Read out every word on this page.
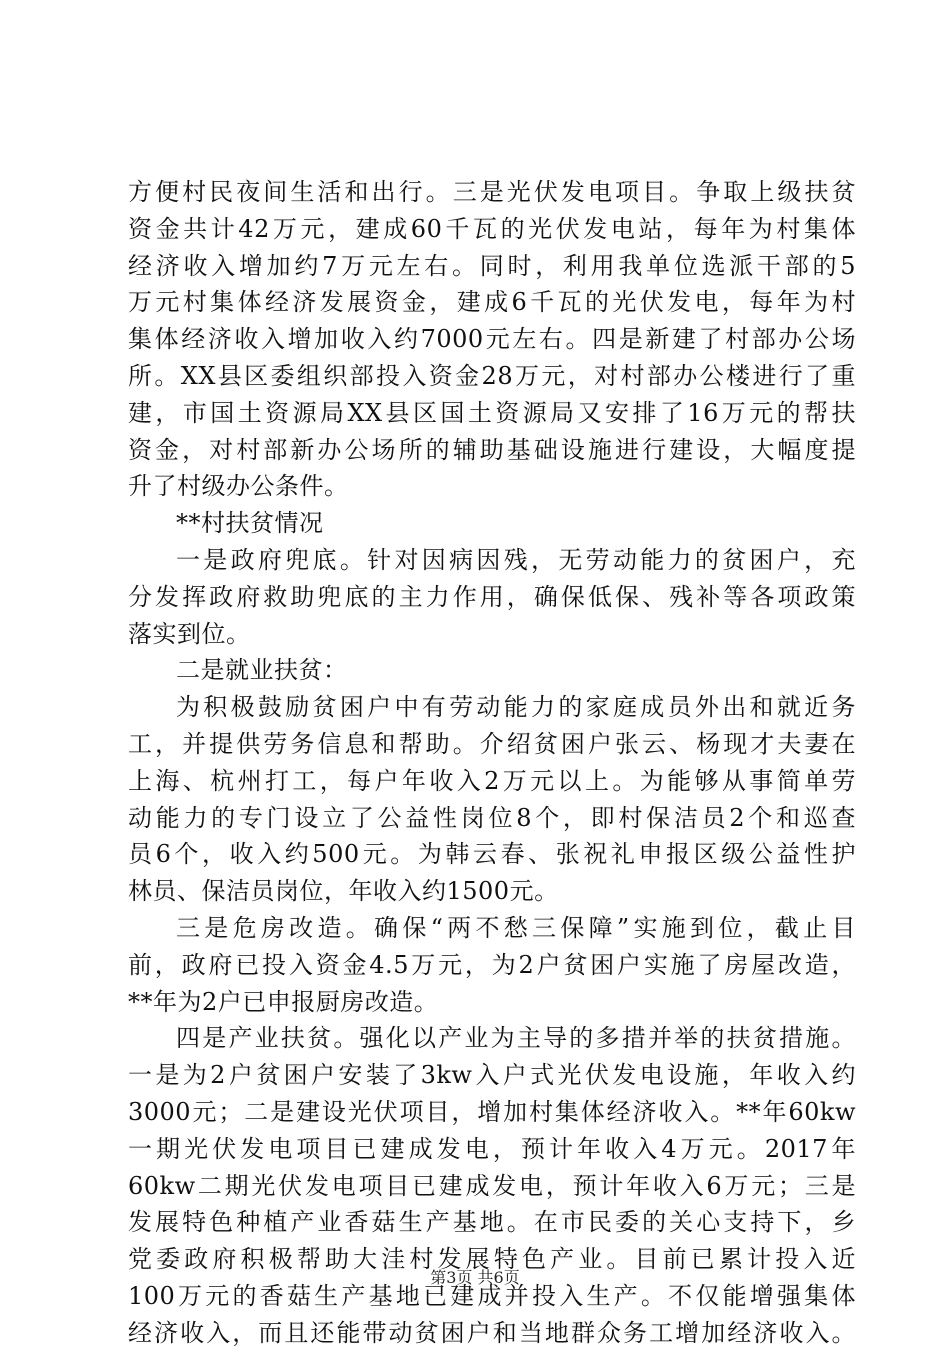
方便村民夜间生活和出行。三是光伏发电项目。争取上级扶贫
资金共计42万元，建成60千瓦的光伏发电站，每年为村集体
经济收入增加约7万元左右。同时，利用我单位选派干部的5
万元村集体经济发展资金，建成6千瓦的光伏发电，每年为村
集体经济收入增加收入约7000元左右。四是新建了村部办公场
所。XX县区委组织部投入资金28万元，对村部办公楼进行了重
建，市国土资源局XX县区国土资源局又安排了16万元的帮扶
资金，对村部新办公场所的辅助基础设施进行建设，大幅度提
升了村级办公条件。
**村扶贫情况
一是政府兜底。针对因病因残，无劳动能力的贫困户，充
分发挥政府救助兜底的主力作用，确保低保、残补等各项政策
落实到位。
二是就业扶贫：
为积极鼓励贫困户中有劳动能力的家庭成员外出和就近务
工，并提供劳务信息和帮助。介绍贫困户张云、杨现才夫妻在
上海、杭州打工，每户年收入2万元以上。为能够从事简单劳
动能力的专门设立了公益性岗位8个，即村保洁员2个和巡查
员6个，收入约500元。为韩云春、张祝礼申报区级公益性护
林员、保洁员岗位，年收入约1500元。
三是危房改造。确保“两不愁三保障”实施到位，截止目
前，政府已投入资金4.5万元，为2户贫困户实施了房屋改造，
**年为2户已申报厨房改造。
四是产业扶贫。强化以产业为主导的多措并举的扶贫措施。
一是为2户贫困户安装了3kw入户式光伏发电设施，年收入约
3000元；二是建设光伏项目，增加村集体经济收入。**年60kw
一期光伏发电项目已建成发电，预计年收入4万元。2017年
60kw二期光伏发电项目已建成发电，预计年收入6万元；三是
发展特色种植产业香菇生产基地。在市民委的关心支持下，乡
党委政府积极帮助大洼村发展特色产业。目前已累计投入近
100万元的香菇生产基地已建成并投入生产。不仅能增强集体
经济收入，而且还能带动贫困户和当地群众务工增加经济收入。
第3页 共6页
